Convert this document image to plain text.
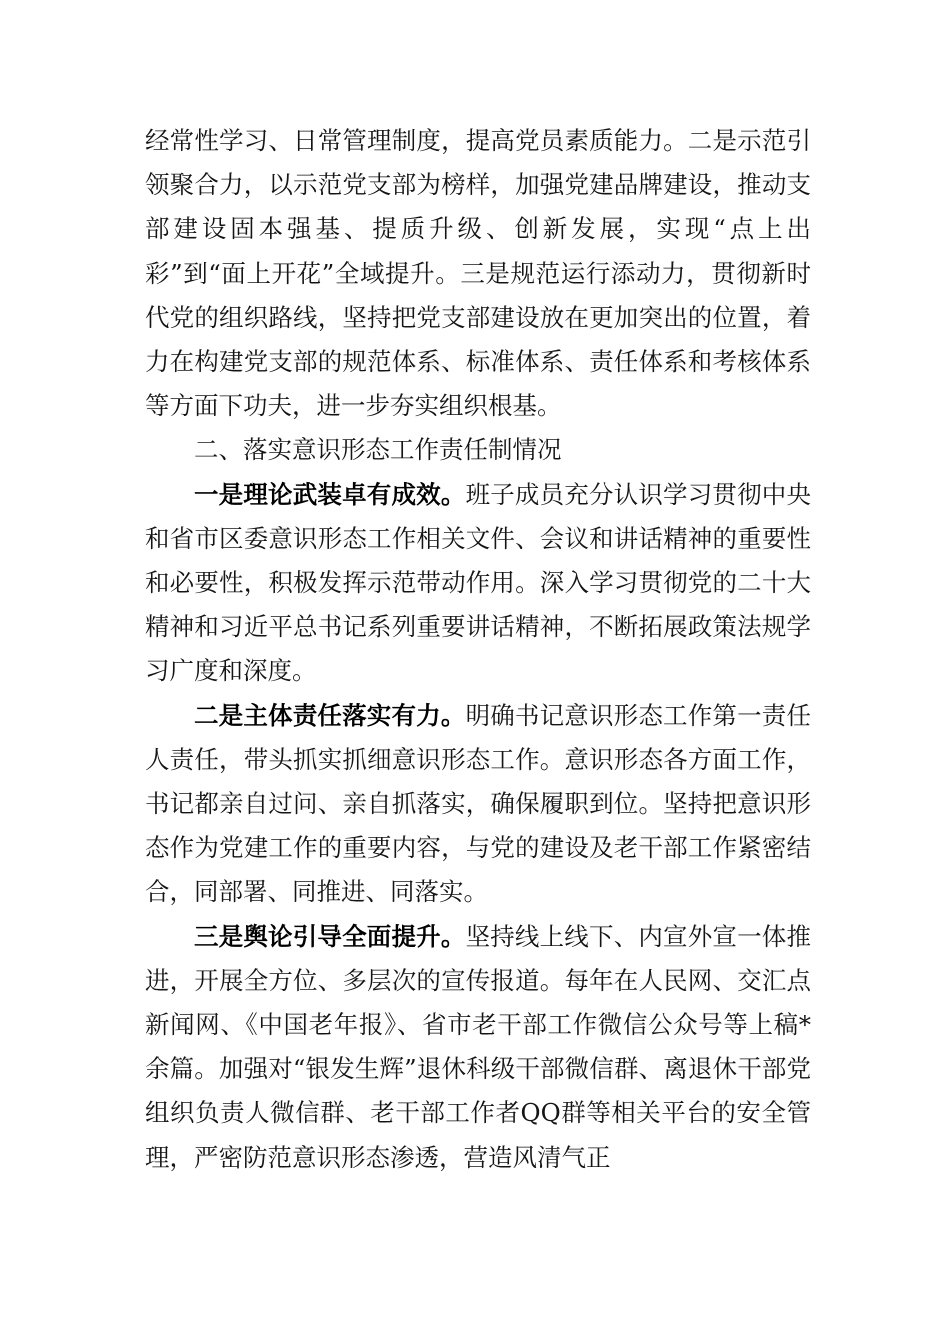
经常性学习、日常管理制度，提高党员素质能力。二是示范引领聚合力，以示范党支部为榜样，加强党建品牌建设，推动支部建设固本强基、提质升级、创新发展，实现“点上出彩”到“面上开花”全域提升。三是规范运行添动力，贯彻新时代党的组织路线，坚持把党支部建设放在更加突出的位置，着力在构建党支部的规范体系、标准体系、责任体系和考核体系等方面下功夫，进一步夯实组织根基。

二、落实意识形态工作责任制情况

一是理论武装卓有成效。班子成员充分认识学习贯彻中央和省市区委意识形态工作相关文件、会议和讲话精神的重要性和必要性，积极发挥示范带动作用。深入学习贯彻党的二十大精神和习近平总书记系列重要讲话精神，不断拓展政策法规学习广度和深度。

二是主体责任落实有力。明确书记意识形态工作第一责任人责任，带头抓实抓细意识形态工作。意识形态各方面工作，书记都亲自过问、亲自抓落实，确保履职到位。坚持把意识形态作为党建工作的重要内容，与党的建设及老干部工作紧密结合，同部署、同推进、同落实。

三是舆论引导全面提升。坚持线上线下、内宣外宣一体推进，开展全方位、多层次的宣传报道。每年在人民网、交汇点新闻网、《中国老年报》、省市老干部工作微信公众号等上稿*余篇。加强对“银发生辉”退休科级干部微信群、离退休干部党组织负责人微信群、老干部工作者QQ群等相关平台的安全管理，严密防范意识形态渗透，营造风清气正
